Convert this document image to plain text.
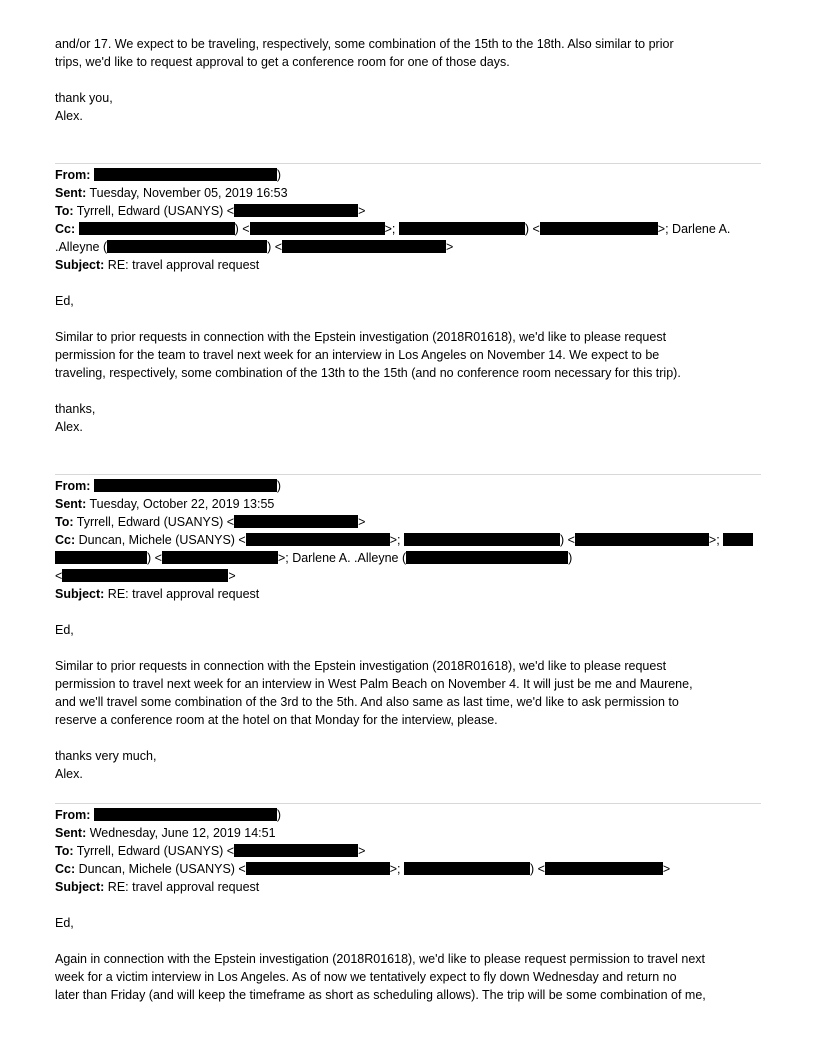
and/or 17. We expect to be traveling, respectively, some combination of the 15th to the 18th. Also similar to prior
trips, we'd like to request approval to get a conference room for one of those days.
thank you,
Alex.
From:	)
Sent: Tuesday, November 05, 2019 16:53
To: Tyrrell, Edward (USANYS) <	>
Cc:	) <	>;	) <	>; Darlene A.
.Alleyne (	) <	>
Subject: RE: travel approval request
Ed,
Similar to prior requests in connection with the Epstein investigation (2018R01618), we'd like to please request
permission for the team to travel next week for an interview in Los Angeles on November 14. We expect to be
traveling, respectively, some combination of the 13th to the 15th (and no conference room necessary for this trip).
thanks,
Alex.
From:	)
Sent: Tuesday, October 22, 2019 13:55
To: Tyrrell, Edward (USANYS) <	>
Cc: Duncan, Michele (USANYS) <	>;	) <	>;
) <	>; Darlene A. .Alleyne (	)
<	>
Subject: RE: travel approval request
Ed,
Similar to prior requests in connection with the Epstein investigation (2018R01618), we'd like to please request
permission to travel next week for an interview in West Palm Beach on November 4. It will just be me and Maurene,
and we'll travel some combination of the 3rd to the 5th. And also same as last time, we'd like to ask permission to
reserve a conference room at the hotel on that Monday for the interview, please.
thanks very much,
Alex.
From:	)
Sent: Wednesday, June 12, 2019 14:51
To: Tyrrell, Edward (USANYS) <	>
Cc: Duncan, Michele (USANYS) <	>;	) <	>
Subject: RE: travel approval request
Ed,
Again in connection with the Epstein investigation (2018R01618), we'd like to please request permission to travel next
week for a victim interview in Los Angeles. As of now we tentatively expect to fly down Wednesday and return no
later than Friday (and will keep the timeframe as short as scheduling allows). The trip will be some combination of me,
